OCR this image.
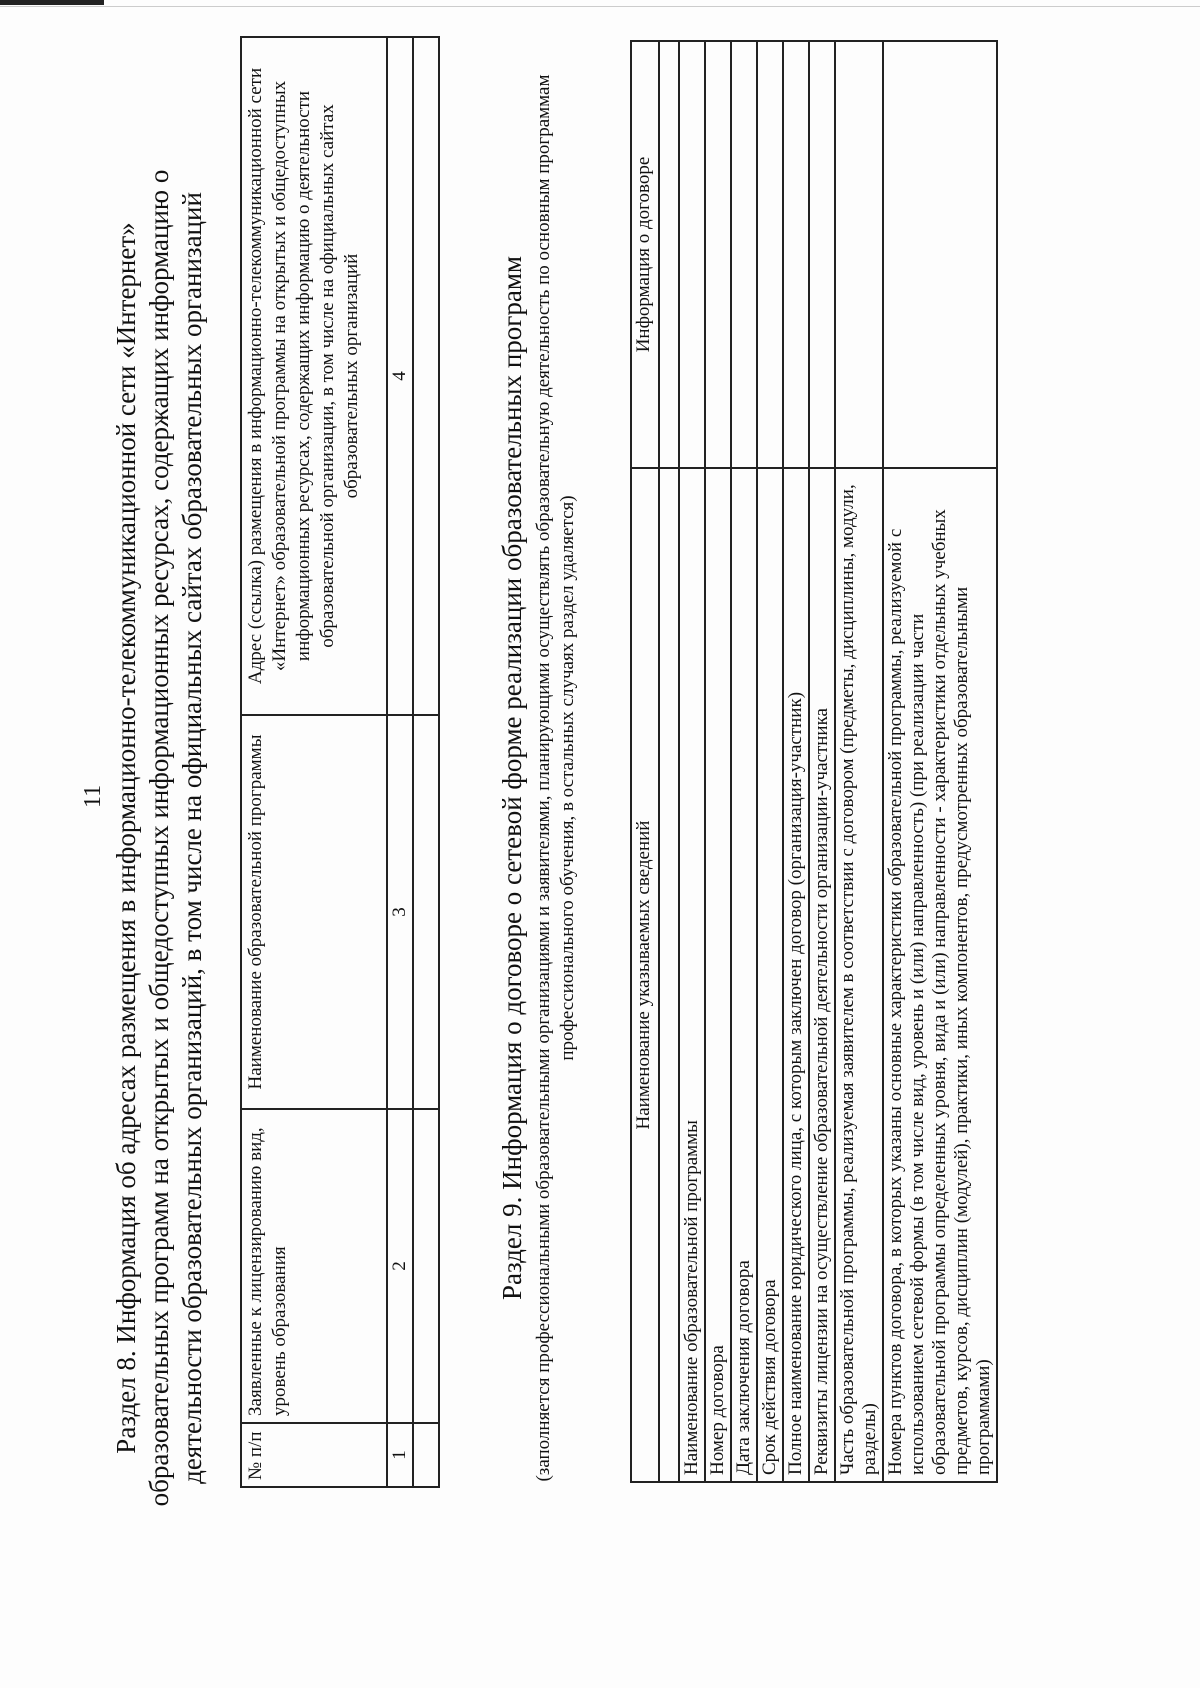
11 Раздел 8. Информация об адресах размещения в информационно-телекоммуникационной сети «Интернет» образовательных программ на открытых и общедоступных информационных ресурсах, содержащих информацию о деятельности образовательных организаций, в том числе на официальных сайтах образовательных организаций № п/п	Заявленные к лицензированию вид, уровень образования	Наименование образовательной программы	Адрес (ссылка) размещения в информационно-телекоммуникационной сети «Интернет» образовательной программы на открытых и общедоступных информационных ресурсах, содержащих информацию о деятельности образовательной организации, в том числе на официальных сайтах образовательных организаций
1	2	3	4
				Раздел 9. Информация о договоре о сетевой форме реализации образовательных программ (заполняется профессиональными образовательными организациями и заявителями, планирующими осуществлять образовательную деятельность по основным программам профессионального обучения, в остальных случаях раздел удаляется)	Наименование указываемых сведений	Информация о договоре

Наименование образовательной программы	
Номер договора	
Дата заключения договора	
Срок действия договора	
Полное наименование юридического лица, с которым заключен договор (организация-участник)	
Реквизиты лицензии на осуществление образовательной деятельности организации-участника	
Часть образовательной программы, реализуемая заявителем в соответствии с договором (предметы, дисциплины, модули, разделы)	
Номера пунктов договора, в которых указаны основные характеристики образовательной программы, реализуемой с использованием сетевой формы (в том числе вид, уровень и (или) направленность) (при реализации части образовательной программы определенных уровня, вида и (или) направленности - характеристики отдельных учебных предметов, курсов, дисциплин (модулей), практики, иных компонентов, предусмотренных образовательными программами)	
